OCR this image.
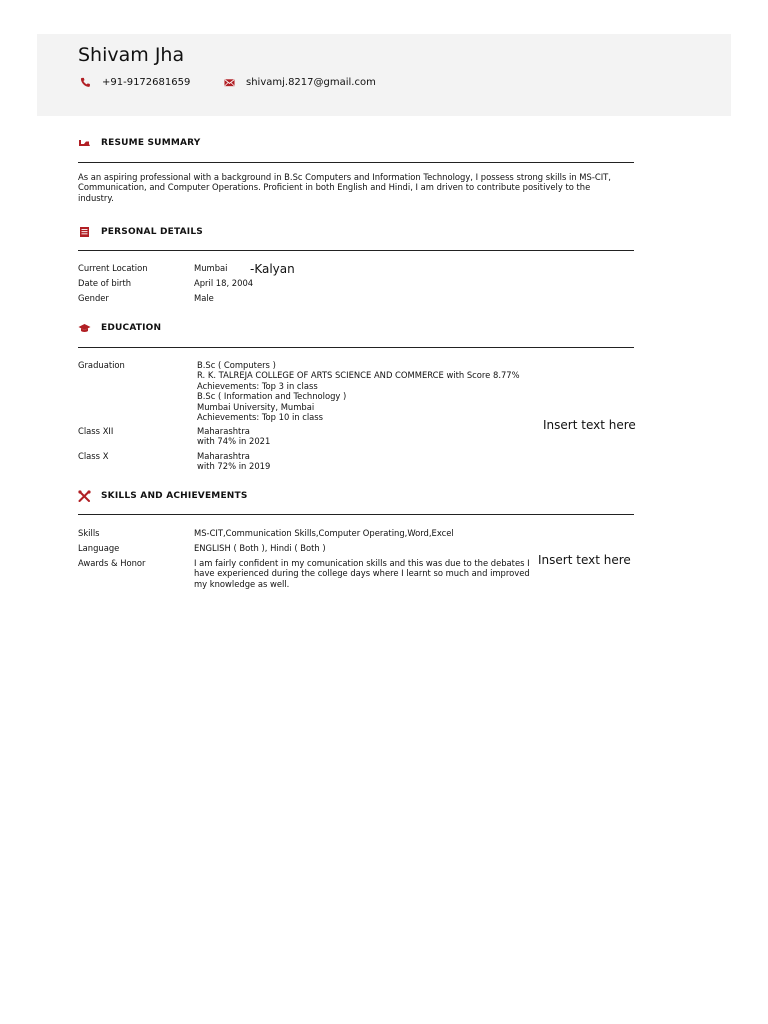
Shivam Jha
+91-9172681659	shivamj.8217@gmail.com
RESUME SUMMARY
As an aspiring professional with a background in B.Sc Computers and Information Technology, I possess strong skills in MS-CIT, Communication, and Computer Operations. Proficient in both English and Hindi, I am driven to contribute positively to the industry.
PERSONAL DETAILS
Current Location	Mumbai -Kalyan
Date of birth	April 18, 2004
Gender	Male
EDUCATION
Graduation	B.Sc ( Computers )
R. K. TALREJA COLLEGE OF ARTS SCIENCE AND COMMERCE with Score 8.77%
Achievements: Top 3 in class
B.Sc ( Information and Technology )
Mumbai University, Mumbai
Achievements: Top 10 in class
Class XII	Maharashtra
with 74% in 2021
Class X	Maharashtra
with 72% in 2019
Insert text here
SKILLS AND ACHIEVEMENTS
Skills	MS-CIT,Communication Skills,Computer Operating,Word,Excel
Language	ENGLISH ( Both ), Hindi ( Both )
Awards & Honor	I am fairly confident in my comunication skills and this was due to the debates I
have experienced during the college days where I learnt so much and improved
my knowledge as well.
Insert text here
